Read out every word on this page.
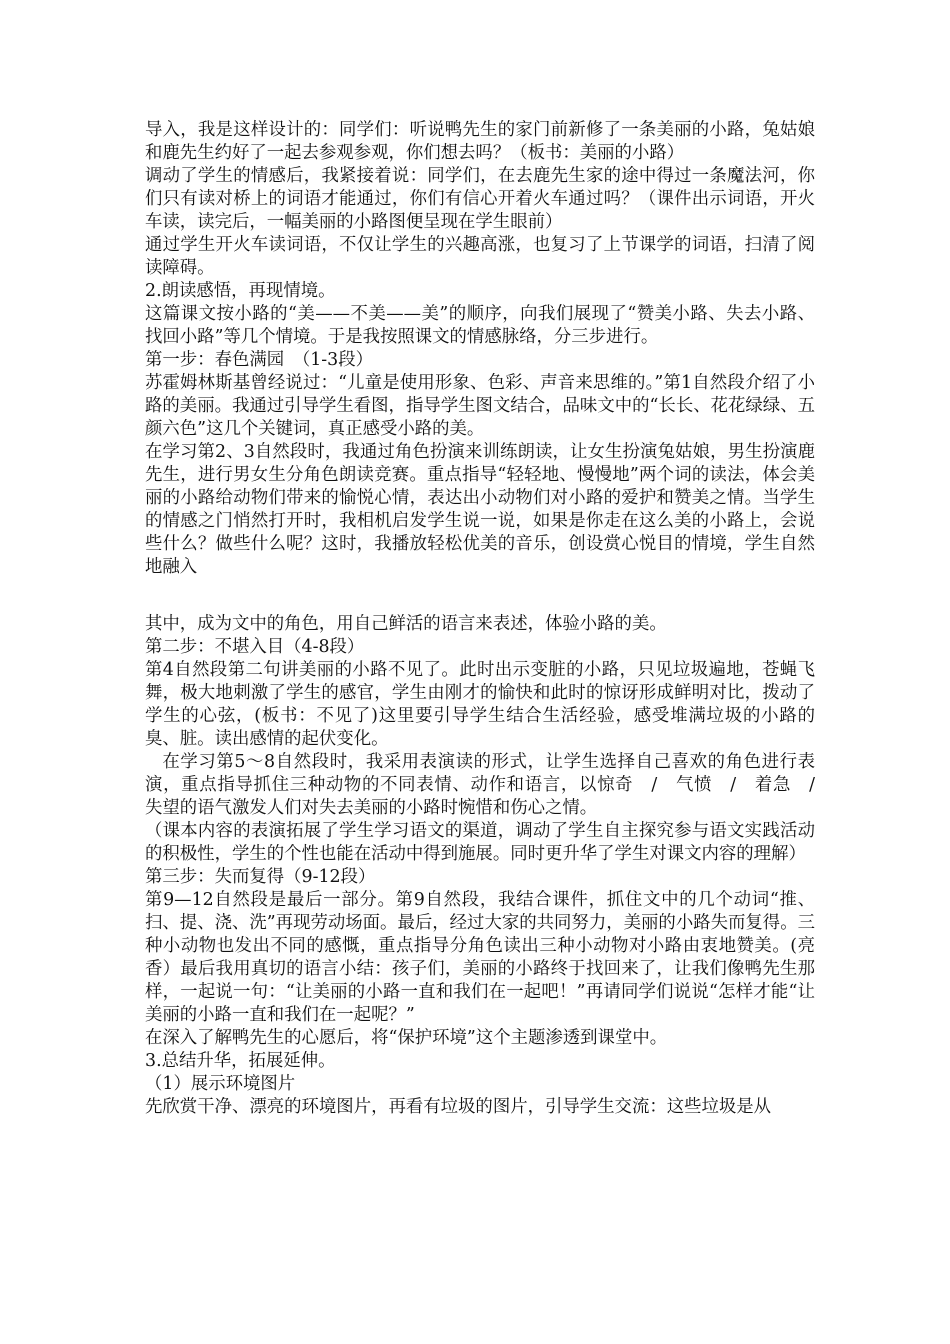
导入，我是这样设计的：同学们：听说鸭先生的家门前新修了一条美丽的小路，兔姑娘和鹿先生约好了一起去参观参观，你们想去吗？（板书：美丽的小路）

调动了学生的情感后，我紧接着说：同学们，在去鹿先生家的途中得过一条魔法河，你们只有读对桥上的词语才能通过，你们有信心开着火车通过吗？（课件出示词语，开火车读，读完后，一幅美丽的小路图便呈现在学生眼前）

通过学生开火车读词语，不仅让学生的兴趣高涨，也复习了上节课学的词语，扫清了阅读障碍。

2.朗读感悟，再现情境。

这篇课文按小路的“美——不美——美”的顺序，向我们展现了“赞美小路、失去小路、找回小路”等几个情境。于是我按照课文的情感脉络，分三步进行。

第一步：春色满园　（1-3段）

苏霍姆林斯基曾经说过：“儿童是使用形象、色彩、声音来思维的。”第1自然段介绍了小路的美丽。我通过引导学生看图，指导学生图文结合，品味文中的“长长、花花绿绿、五颜六色”这几个关键词，真正感受小路的美。

在学习第2、3自然段时，我通过角色扮演来训练朗读，让女生扮演兔姑娘，男生扮演鹿先生，进行男女生分角色朗读竞赛。重点指导“轻轻地、慢慢地”两个词的读法，体会美丽的小路给动物们带来的愉悦心情，表达出小动物们对小路的爱护和赞美之情。当学生的情感之门悄然打开时，我相机启发学生说一说，如果是你走在这么美的小路上，会说些什么？做些什么呢？这时，我播放轻松优美的音乐，创设赏心悦目的情境，学生自然地融入

其中，成为文中的角色，用自己鲜活的语言来表述，体验小路的美。

第二步：不堪入目（4-8段）

第4自然段第二句讲美丽的小路不见了。此时出示变脏的小路，只见垃圾遍地，苍蝇飞舞，极大地刺激了学生的感官，学生由刚才的愉快和此时的惊讶形成鲜明对比，拨动了学生的心弦，(板书：不见了)这里要引导学生结合生活经验，感受堆满垃圾的小路的臭、脏。读出感情的起伏变化。

在学习第5～8自然段时，我采用表演读的形式，让学生选择自己喜欢的角色进行表演，重点指导抓住三种动物的不同表情、动作和语言，以惊奇　/　气愤　/　着急　/　失望的语气激发人们对失去美丽的小路时惋惜和伤心之情。

（课本内容的表演拓展了学生学习语文的渠道，调动了学生自主探究参与语文实践活动的积极性，学生的个性也能在活动中得到施展。同时更升华了学生对课文内容的理解）

第三步：失而复得（9-12段）

第9—12自然段是最后一部分。第9自然段，我结合课件，抓住文中的几个动词“推、扫、提、浇、洗”再现劳动场面。最后，经过大家的共同努力，美丽的小路失而复得。三种小动物也发出不同的感慨，重点指导分角色读出三种小动物对小路由衷地赞美。(亮　　香）最后我用真切的语言小结：孩子们，美丽的小路终于找回来了，让我们像鸭先生那样，一起说一句：“让美丽的小路一直和我们在一起吧！”再请同学们说说“怎样才能“让美丽的小路一直和我们在一起呢？”

在深入了解鸭先生的心愿后，将“保护环境”这个主题渗透到课堂中。

3.总结升华，拓展延伸。

（1）展示环境图片

先欣赏干净、漂亮的环境图片，再看有垃圾的图片，引导学生交流：这些垃圾是从
